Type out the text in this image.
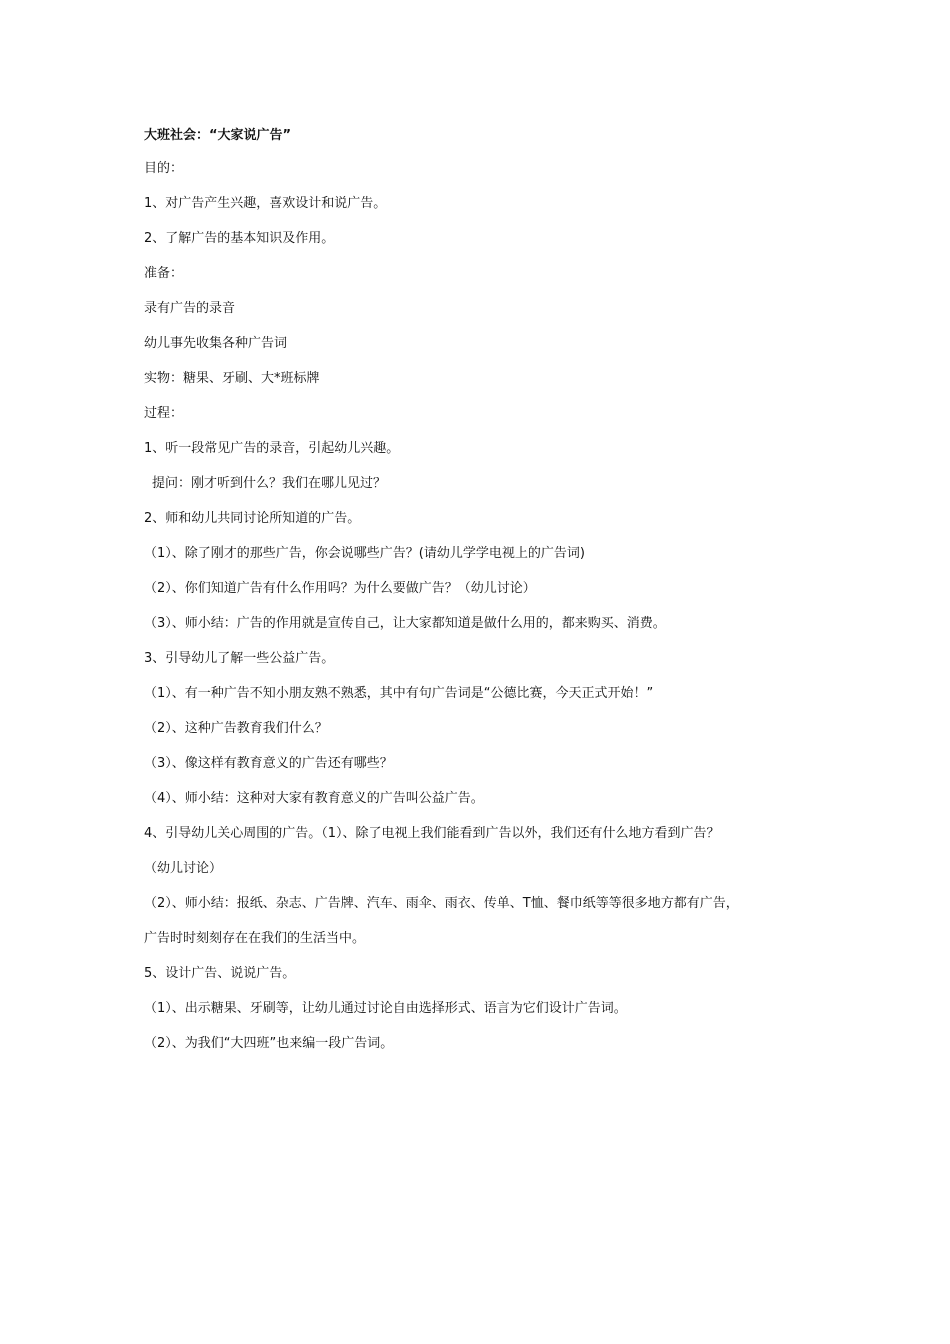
大班社会：“大家说广告”
目的：
1、对广告产生兴趣，喜欢设计和说广告。
2、了解广告的基本知识及作用。
准备：
录有广告的录音
幼儿事先收集各种广告词
实物：糖果、牙刷、大*班标牌
过程：
1、听一段常见广告的录音，引起幼儿兴趣。
提问：刚才听到什么？我们在哪儿见过？
2、师和幼儿共同讨论所知道的广告。
（1）、除了刚才的那些广告，你会说哪些广告？(请幼儿学学电视上的广告词)
（2）、你们知道广告有什么作用吗？为什么要做广告？（幼儿讨论）
（3）、师小结：广告的作用就是宣传自己，让大家都知道是做什么用的，都来购买、消费。
3、引导幼儿了解一些公益广告。
（1）、有一种广告不知小朋友熟不熟悉，其中有句广告词是“公德比赛，今天正式开始！”
（2）、这种广告教育我们什么？
（3）、像这样有教育意义的广告还有哪些？
（4）、师小结：这种对大家有教育意义的广告叫公益广告。
4、引导幼儿关心周围的广告。（1）、除了电视上我们能看到广告以外，我们还有什么地方看到广告？
（幼儿讨论）
（2）、师小结：报纸、杂志、广告牌、汽车、雨伞、雨衣、传单、T恤、餐巾纸等等很多地方都有广告，
广告时时刻刻存在在我们的生活当中。
5、设计广告、说说广告。
（1）、出示糖果、牙刷等，让幼儿通过讨论自由选择形式、语言为它们设计广告词。
（2）、为我们“大四班”也来编一段广告词。
